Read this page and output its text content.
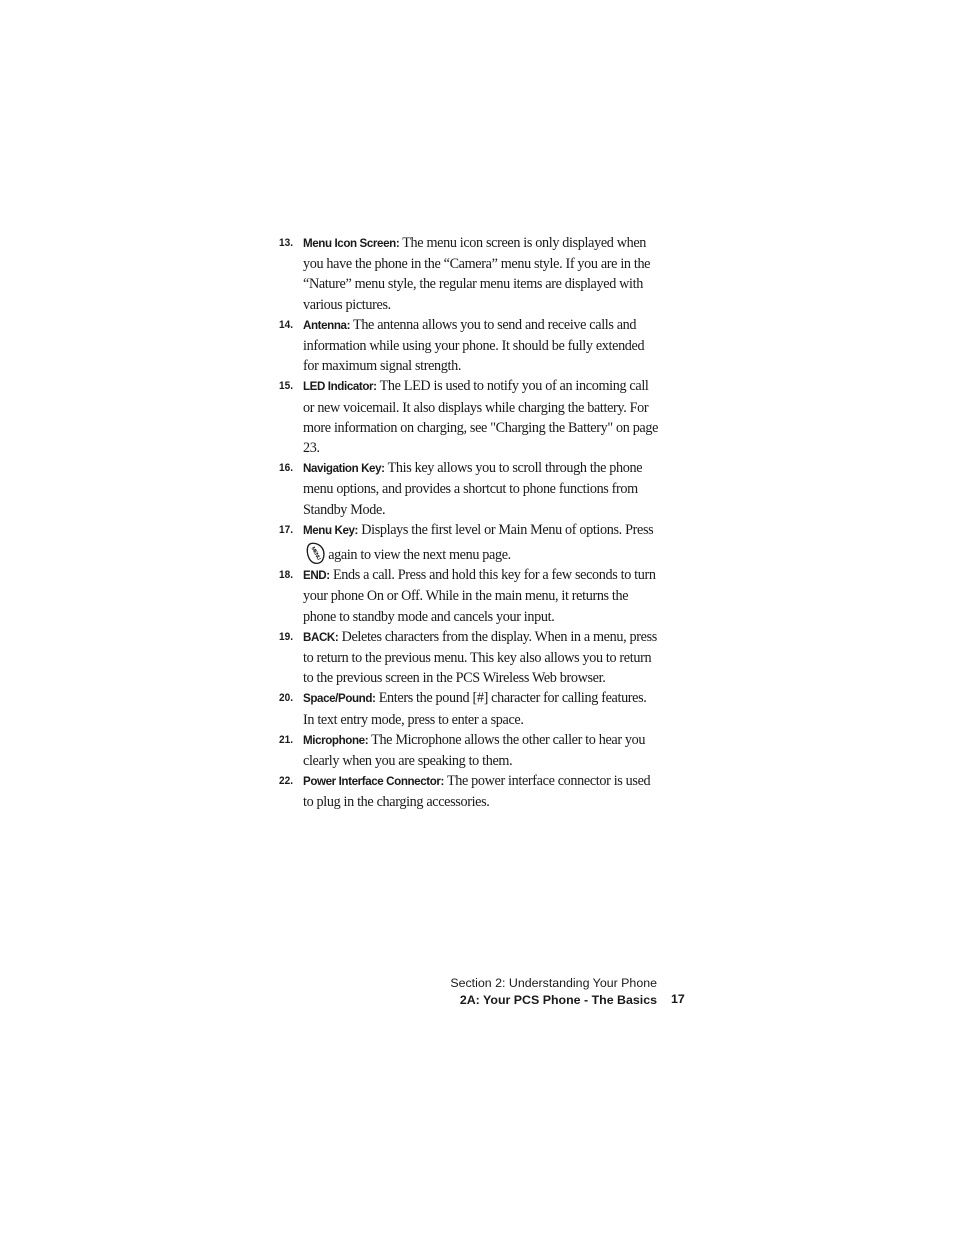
13. Menu Icon Screen: The menu icon screen is only displayed when you have the phone in the “Camera” menu style. If you are in the “Nature” menu style, the regular menu items are displayed with various pictures.
14. Antenna: The antenna allows you to send and receive calls and information while using your phone. It should be fully extended for maximum signal strength.
15. LED Indicator: The LED is used to notify you of an incoming call or new voicemail. It also displays while charging the battery. For more information on charging, see "Charging the Battery" on page 23.
16. Navigation Key: This key allows you to scroll through the phone menu options, and provides a shortcut to phone functions from Standby Mode.
17. Menu Key: Displays the first level or Main Menu of options. Press
MENU again to view the next menu page.
18. END: Ends a call. Press and hold this key for a few seconds to turn your phone On or Off. While in the main menu, it returns the phone to standby mode and cancels your input.
19. BACK: Deletes characters from the display. When in a menu, press to return to the previous menu. This key also allows you to return to the previous screen in the PCS Wireless Web browser.
20. Space/Pound: Enters the pound [#] character for calling features. In text entry mode, press to enter a space.
21. Microphone: The Microphone allows the other caller to hear you clearly when you are speaking to them.
22. Power Interface Connector: The power interface connector is used to plug in the charging accessories.
Section 2: Understanding Your Phone
2A: Your PCS Phone - The Basics 17
